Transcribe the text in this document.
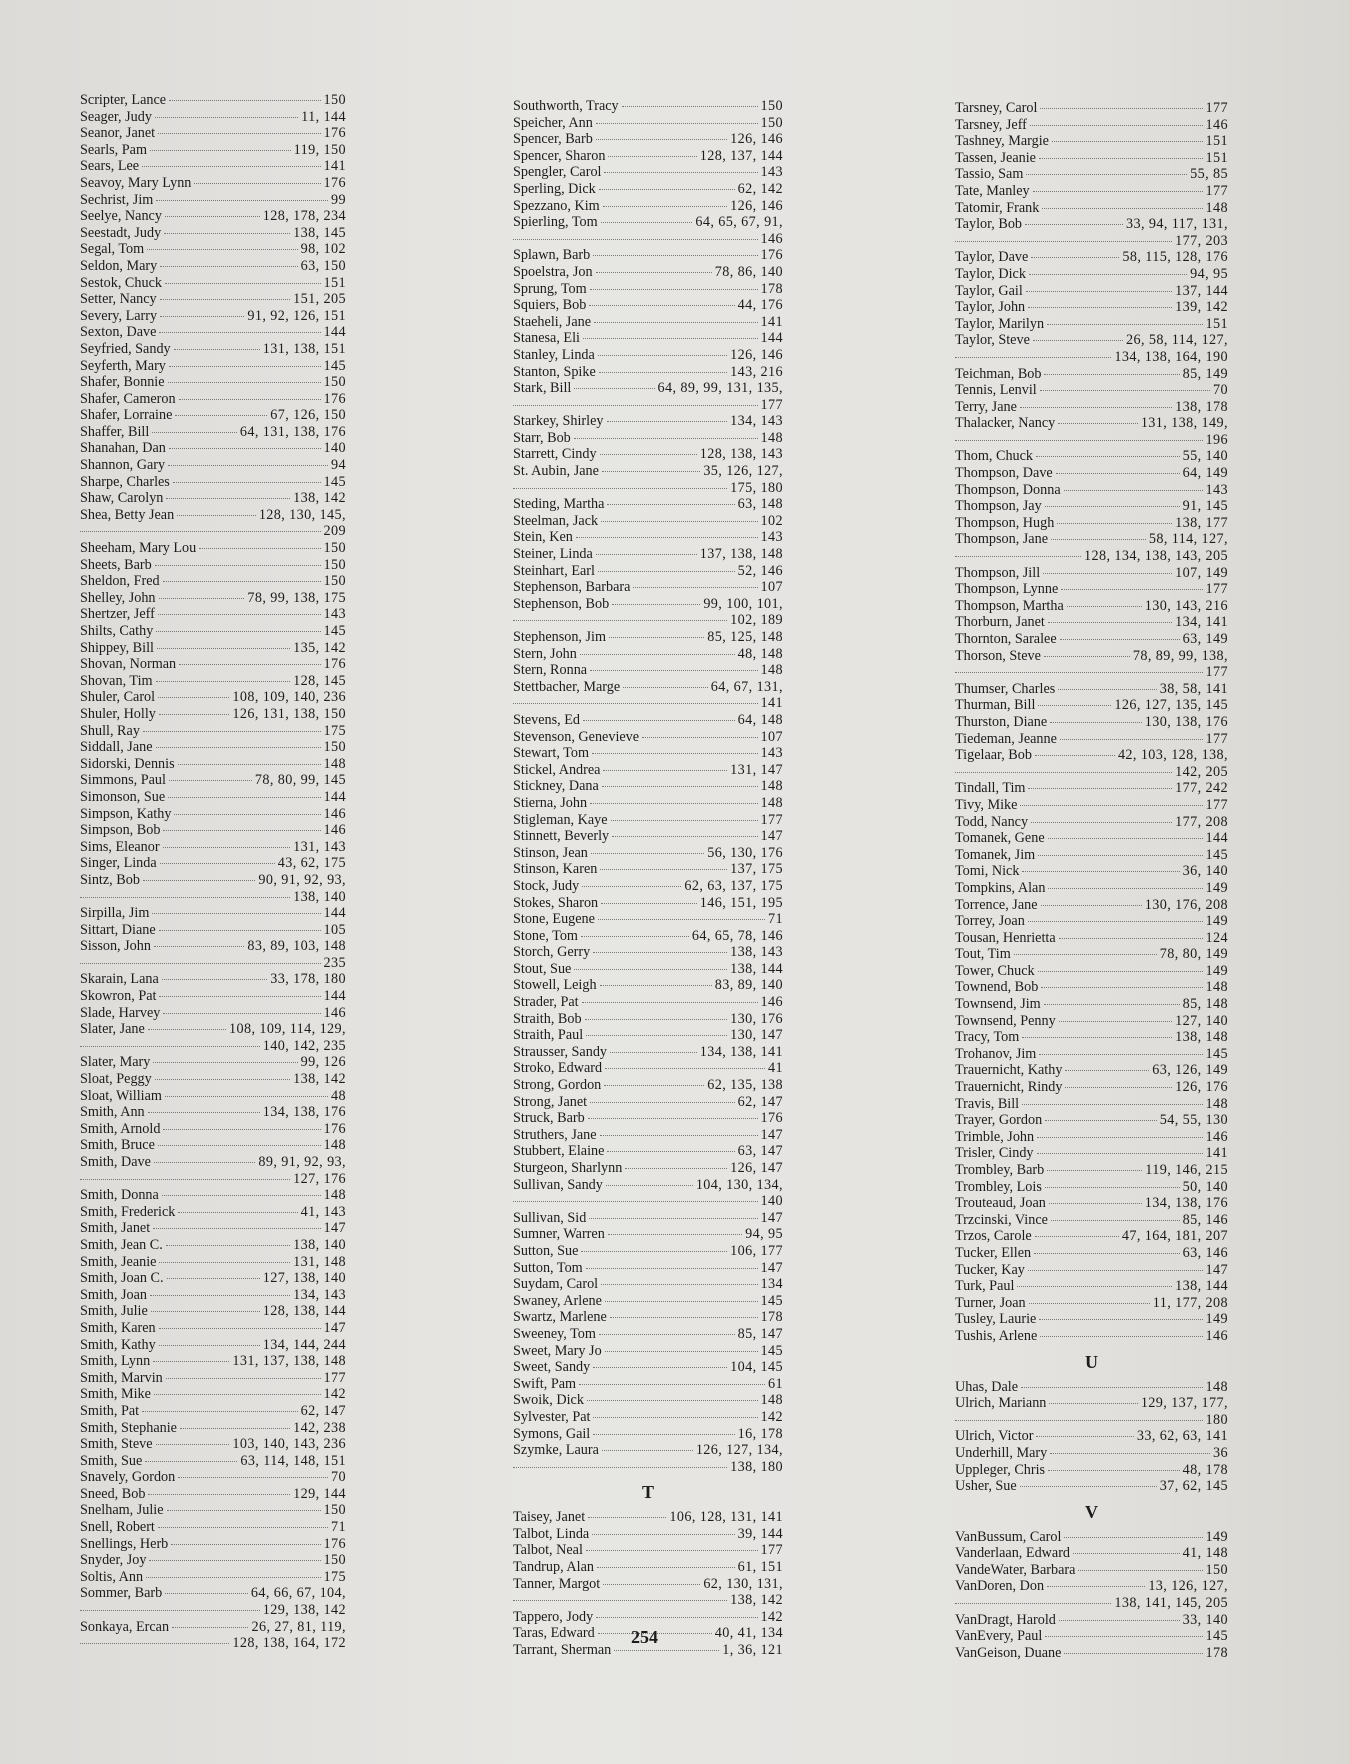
Scripter, Lance	150
Seager, Judy	11, 144
Seanor, Janet	176
Searls, Pam	119, 150
Sears, Lee	141
Seavoy, Mary Lynn	176
Sechrist, Jim	99
Seelye, Nancy	128, 178, 234
Seestadt, Judy	138, 145
Segal, Tom	98, 102
Seldon, Mary	63, 150
Sestok, Chuck	151
Setter, Nancy	151, 205
Severy, Larry	91, 92, 126, 151
Sexton, Dave	144
Seyfried, Sandy	131, 138, 151
Seyferth, Mary	145
Shafer, Bonnie	150
Shafer, Cameron	176
Shafer, Lorraine	67, 126, 150
Shaffer, Bill	64, 131, 138, 176
Shanahan, Dan	140
Shannon, Gary	94
Sharpe, Charles	145
Shaw, Carolyn	138, 142
Shea, Betty Jean	128, 130, 145,
209
Sheeham, Mary Lou	150
Sheets, Barb	150
Sheldon, Fred	150
Shelley, John	78, 99, 138, 175
Shertzer, Jeff	143
Shilts, Cathy	145
Shippey, Bill	135, 142
Shovan, Norman	176
Shovan, Tim	128, 145
Shuler, Carol	108, 109, 140, 236
Shuler, Holly	126, 131, 138, 150
Shull, Ray	175
Siddall, Jane	150
Sidorski, Dennis	148
Simmons, Paul	78, 80, 99, 145
Simonson, Sue	144
Simpson, Kathy	146
Simpson, Bob	146
Sims, Eleanor	131, 143
Singer, Linda	43, 62, 175
Sintz, Bob	90, 91, 92, 93,
138, 140
Sirpilla, Jim	144
Sittart, Diane	105
Sisson, John	83, 89, 103, 148
235
Skarain, Lana	33, 178, 180
Skowron, Pat	144
Slade, Harvey	146
Slater, Jane	108, 109, 114, 129,
140, 142, 235
Slater, Mary	99, 126
Sloat, Peggy	138, 142
Sloat, William	48
Smith, Ann	134, 138, 176
Smith, Arnold	176
Smith, Bruce	148
Smith, Dave	89, 91, 92, 93,
127, 176
Smith, Donna	148
Smith, Frederick	41, 143
Smith, Janet	147
Smith, Jean C.	138, 140
Smith, Jeanie	131, 148
Smith, Joan C.	127, 138, 140
Smith, Joan	134, 143
Smith, Julie	128, 138, 144
Smith, Karen	147
Smith, Kathy	134, 144, 244
Smith, Lynn	131, 137, 138, 148
Smith, Marvin	177
Smith, Mike	142
Smith, Pat	62, 147
Smith, Stephanie	142, 238
Smith, Steve	103, 140, 143, 236
Smith, Sue	63, 114, 148, 151
Snavely, Gordon	70
Sneed, Bob	129, 144
Snelham, Julie	150
Snell, Robert	71
Snellings, Herb	176
Snyder, Joy	150
Soltis, Ann	175
Sommer, Barb	64, 66, 67, 104,
129, 138, 142
Sonkaya, Ercan	26, 27, 81, 119,
128, 138, 164, 172
Southworth, Tracy	150
Speicher, Ann	150
Spencer, Barb	126, 146
Spencer, Sharon	128, 137, 144
Spengler, Carol	143
Sperling, Dick	62, 142
Spezzano, Kim	126, 146
Spierling, Tom	64, 65, 67, 91,
146
Splawn, Barb	176
Spoelstra, Jon	78, 86, 140
Sprung, Tom	178
Squiers, Bob	44, 176
Staeheli, Jane	141
Stanesa, Eli	144
Stanley, Linda	126, 146
Stanton, Spike	143, 216
Stark, Bill	64, 89, 99, 131, 135,
177
Starkey, Shirley	134, 143
Starr, Bob	148
Starrett, Cindy	128, 138, 143
St. Aubin, Jane	35, 126, 127,
175, 180
Steding, Martha	63, 148
Steelman, Jack	102
Stein, Ken	143
Steiner, Linda	137, 138, 148
Steinhart, Earl	52, 146
Stephenson, Barbara	107
Stephenson, Bob	99, 100, 101,
102, 189
Stephenson, Jim	85, 125, 148
Stern, John	48, 148
Stern, Ronna	148
Stettbacher, Marge	64, 67, 131,
141
Stevens, Ed	64, 148
Stevenson, Genevieve	107
Stewart, Tom	143
Stickel, Andrea	131, 147
Stickney, Dana	148
Stierna, John	148
Stigleman, Kaye	177
Stinnett, Beverly	147
Stinson, Jean	56, 130, 176
Stinson, Karen	137, 175
Stock, Judy	62, 63, 137, 175
Stokes, Sharon	146, 151, 195
Stone, Eugene	71
Stone, Tom	64, 65, 78, 146
Storch, Gerry	138, 143
Stout, Sue	138, 144
Stowell, Leigh	83, 89, 140
Strader, Pat	146
Straith, Bob	130, 176
Straith, Paul	130, 147
Strausser, Sandy	134, 138, 141
Stroko, Edward	41
Strong, Gordon	62, 135, 138
Strong, Janet	62, 147
Struck, Barb	176
Struthers, Jane	147
Stubbert, Elaine	63, 147
Sturgeon, Sharlynn	126, 147
Sullivan, Sandy	104, 130, 134,
140
Sullivan, Sid	147
Sumner, Warren	94, 95
Sutton, Sue	106, 177
Sutton, Tom	147
Suydam, Carol	134
Swaney, Arlene	145
Swartz, Marlene	178
Sweeney, Tom	85, 147
Sweet, Mary Jo	145
Sweet, Sandy	104, 145
Swift, Pam	61
Swoik, Dick	148
Sylvester, Pat	142
Symons, Gail	16, 178
Szymke, Laura	126, 127, 134,
138, 180
T
Taisey, Janet	106, 128, 131, 141
Talbot, Linda	39, 144
Talbot, Neal	177
Tandrup, Alan	61, 151
Tanner, Margot	62, 130, 131,
138, 142
Tappero, Jody	142
Taras, Edward	40, 41, 134
Tarrant, Sherman	1, 36, 121
Tarsney, Carol	177
Tarsney, Jeff	146
Tashney, Margie	151
Tassen, Jeanie	151
Tassio, Sam	55, 85
Tate, Manley	177
Tatomir, Frank	148
Taylor, Bob	33, 94, 117, 131,
177, 203
Taylor, Dave	58, 115, 128, 176
Taylor, Dick	94, 95
Taylor, Gail	137, 144
Taylor, John	139, 142
Taylor, Marilyn	151
Taylor, Steve	26, 58, 114, 127,
134, 138, 164, 190
Teichman, Bob	85, 149
Tennis, Lenvil	70
Terry, Jane	138, 178
Thalacker, Nancy	131, 138, 149,
196
Thom, Chuck	55, 140
Thompson, Dave	64, 149
Thompson, Donna	143
Thompson, Jay	91, 145
Thompson, Hugh	138, 177
Thompson, Jane	58, 114, 127,
128, 134, 138, 143, 205
Thompson, Jill	107, 149
Thompson, Lynne	177
Thompson, Martha	130, 143, 216
Thorburn, Janet	134, 141
Thornton, Saralee	63, 149
Thorson, Steve	78, 89, 99, 138,
177
Thumser, Charles	38, 58, 141
Thurman, Bill	126, 127, 135, 145
Thurston, Diane	130, 138, 176
Tiedeman, Jeanne	177
Tigelaar, Bob	42, 103, 128, 138,
142, 205
Tindall, Tim	177, 242
Tivy, Mike	177
Todd, Nancy	177, 208
Tomanek, Gene	144
Tomanek, Jim	145
Tomi, Nick	36, 140
Tompkins, Alan	149
Torrence, Jane	130, 176, 208
Torrey, Joan	149
Tousan, Henrietta	124
Tout, Tim	78, 80, 149
Tower, Chuck	149
Townend, Bob	148
Townsend, Jim	85, 148
Townsend, Penny	127, 140
Tracy, Tom	138, 148
Trohanov, Jim	145
Trauernicht, Kathy	63, 126, 149
Trauernicht, Rindy	126, 176
Travis, Bill	148
Trayer, Gordon	54, 55, 130
Trimble, John	146
Trisler, Cindy	141
Trombley, Barb	119, 146, 215
Trombley, Lois	50, 140
Trouteaud, Joan	134, 138, 176
Trzcinski, Vince	85, 146
Trzos, Carole	47, 164, 181, 207
Tucker, Ellen	63, 146
Tucker, Kay	147
Turk, Paul	138, 144
Turner, Joan	11, 177, 208
Tusley, Laurie	149
Tushis, Arlene	146
U
Uhas, Dale	148
Ulrich, Mariann	129, 137, 177,
180
Ulrich, Victor	33, 62, 63, 141
Underhill, Mary	36
Uppleger, Chris	48, 178
Usher, Sue	37, 62, 145
V
VanBussum, Carol	149
Vanderlaan, Edward	41, 148
VandeWater, Barbara	150
VanDoren, Don	13, 126, 127,
138, 141, 145, 205
VanDragt, Harold	33, 140
VanEvery, Paul	145
VanGeison, Duane	178
254
